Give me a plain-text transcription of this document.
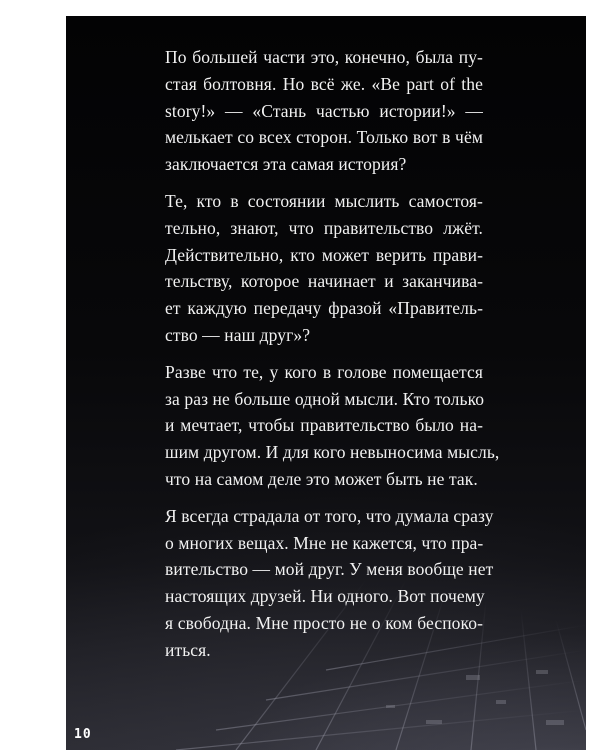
По большей части это, конечно, была пу-
стая болтовня. Но всё же. «Be part of the
story!» — «Стань частью истории!» —
мелькает со всех сторон. Только вот в чём
заключается эта самая история?
Те, кто в состоянии мыслить самостоя-
тельно, знают, что правительство лжёт.
Действительно, кто может верить прави-
тельству, которое начинает и заканчива-
ет каждую передачу фразой «Правитель-
ство — наш друг»?
Разве что те, у кого в голове помещается
за раз не больше одной мысли. Кто только
и мечтает, чтобы правительство было на-
шим другом. И для кого невыносима мысль,
что на самом деле это может быть не так.
Я всегда страдала от того, что думала сразу
о многих вещах. Мне не кажется, что пра-
вительство — мой друг. У меня вообще нет
настоящих друзей. Ни одного. Вот почему
я свободна. Мне просто не о ком беспоко-
иться.
10
